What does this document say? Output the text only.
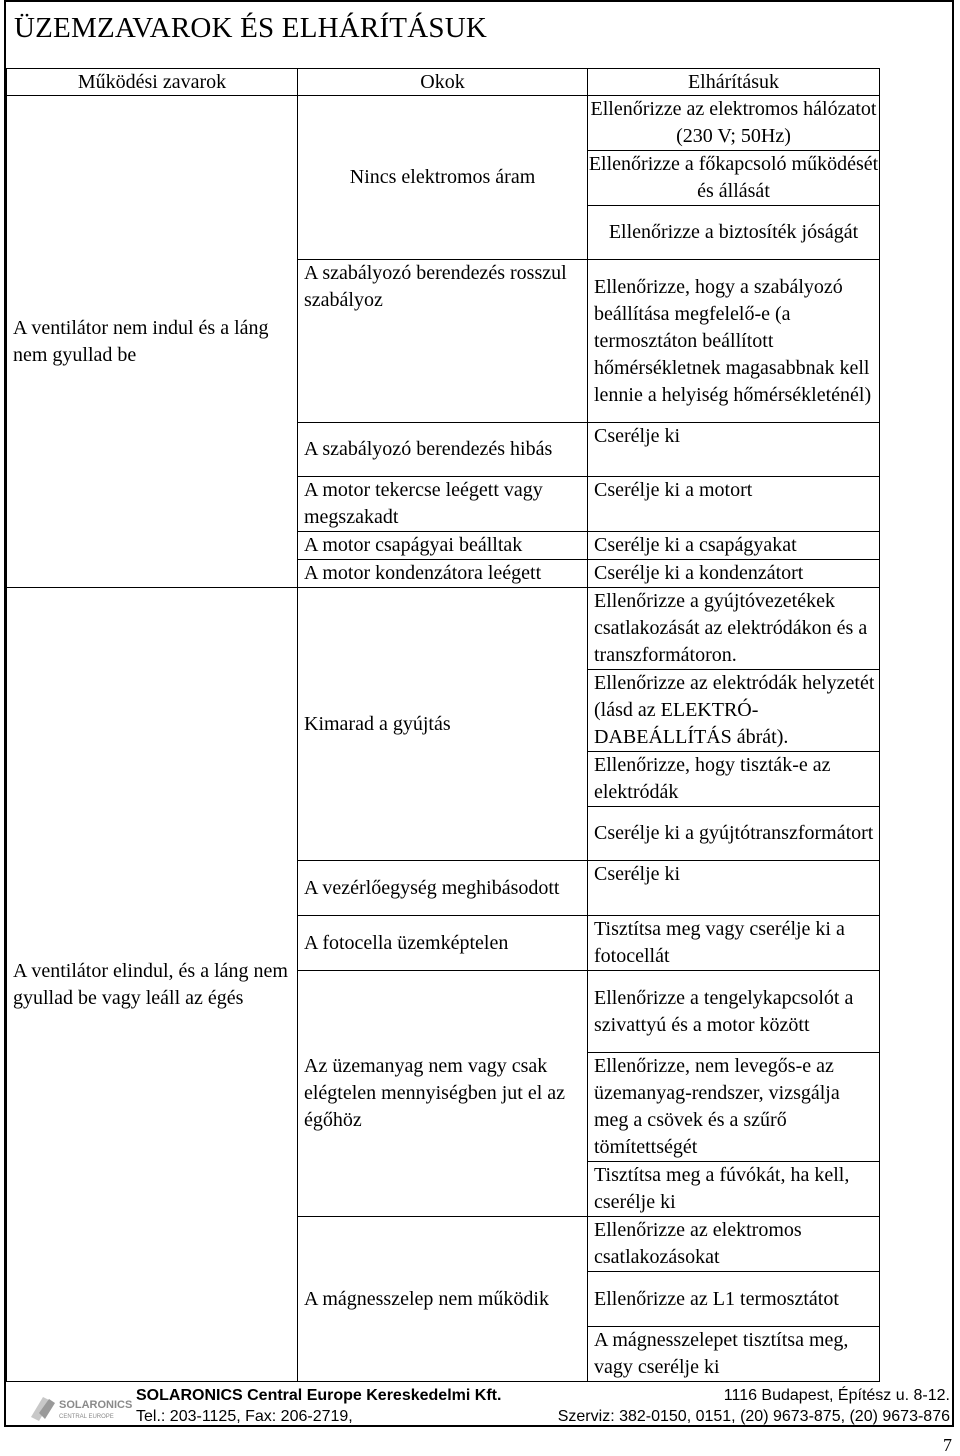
ÜZEMZAVAROK ÉS ELHÁRÍTÁSUK
Működési zavarok	Okok	Elhárításuk
A ventilátor nem indul és a láng nem gyullad be	Nincs elektromos áram	Ellenőrizze az elektromos hálózatot (230 V; 50Hz)
		Ellenőrizze a főkapcsoló működését és állását
		Ellenőrizze a biztosíték jóságát
	A szabályozó berendezés rosszul szabályoz	Ellenőrizze, hogy a szabályozó beállítása megfelelő-e (a termosztáton beállított hőmérsékletnek magasabbnak kell lennie a helyiség hőmérsékleténél)
	A szabályozó berendezés hibás	Cserélje ki
	A motor tekercse leégett vagy megszakadt	Cserélje ki a motort
	A motor csapágyai beálltak	Cserélje ki a csapágyakat
	A motor kondenzátora leégett	Cserélje ki a kondenzátort
A ventilátor elindul, és a láng nem gyullad be vagy leáll az égés	Kimarad a gyújtás	Ellenőrizze a gyújtóvezetékek csatlakozását az elektródákon és a transzformátoron.
		Ellenőrizze az elektródák helyzetét (lásd az ELEKTRÓ-DABEÁLLÍTÁS ábrát).
		Ellenőrizze, hogy tiszták-e az elektródák
		Cserélje ki a gyújtótranszformátort
	A vezérlőegység meghibásodott	Cserélje ki
	A fotocella üzemképtelen	Tisztítsa meg vagy cserélje ki a fotocellát
	Az üzemanyag nem vagy csak elégtelen mennyiségben jut el az égőhöz	Ellenőrizze a tengelykapcsolót a szivattyú és a motor között
		Ellenőrizze, nem levegős-e az üzemanyag-rendszer, vizsgálja meg a csövek és a szűrő tömítettségét
		Tisztítsa meg a fúvókát, ha kell, cserélje ki
	A mágnesszelep nem működik	Ellenőrizze az elektromos csatlakozásokat
		Ellenőrizze az L1 termosztátot
		A mágnesszelepet tisztítsa meg, vagy cserélje ki
SOLARONICS
CENTRAL EUROPE
SOLARONICS Central Europe Kereskedelmi Kft.	1116 Budapest, Építész u. 8-12.
Tel.: 203-1125, Fax: 206-2719,	Szerviz: 382-0150, 0151, (20) 9673-875, (20) 9673-876
7
